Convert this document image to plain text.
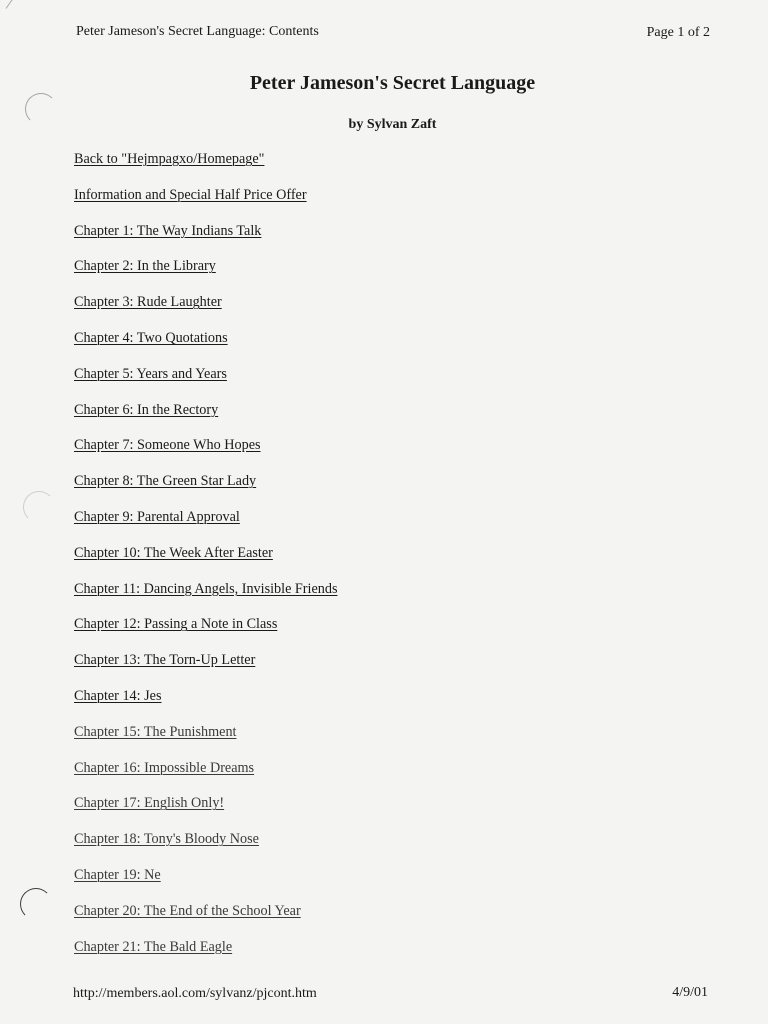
Peter Jameson's Secret Language: Contents	Page 1 of 2
Peter Jameson's Secret Language
by Sylvan Zaft
Back to "Hejmpagxo/Homepage"
Information and Special Half Price Offer
Chapter 1: The Way Indians Talk
Chapter 2: In the Library
Chapter 3: Rude Laughter
Chapter 4: Two Quotations
Chapter 5: Years and Years
Chapter 6: In the Rectory
Chapter 7: Someone Who Hopes
Chapter 8: The Green Star Lady
Chapter 9: Parental Approval
Chapter 10: The Week After Easter
Chapter 11: Dancing Angels, Invisible Friends
Chapter 12: Passing a Note in Class
Chapter 13: The Torn-Up Letter
Chapter 14: Jes
Chapter 15: The Punishment
Chapter 16: Impossible Dreams
Chapter 17: English Only!
Chapter 18: Tony's Bloody Nose
Chapter 19: Ne
Chapter 20: The End of the School Year
Chapter 21: The Bald Eagle
http://members.aol.com/sylvanz/pjcont.htm	4/9/01
